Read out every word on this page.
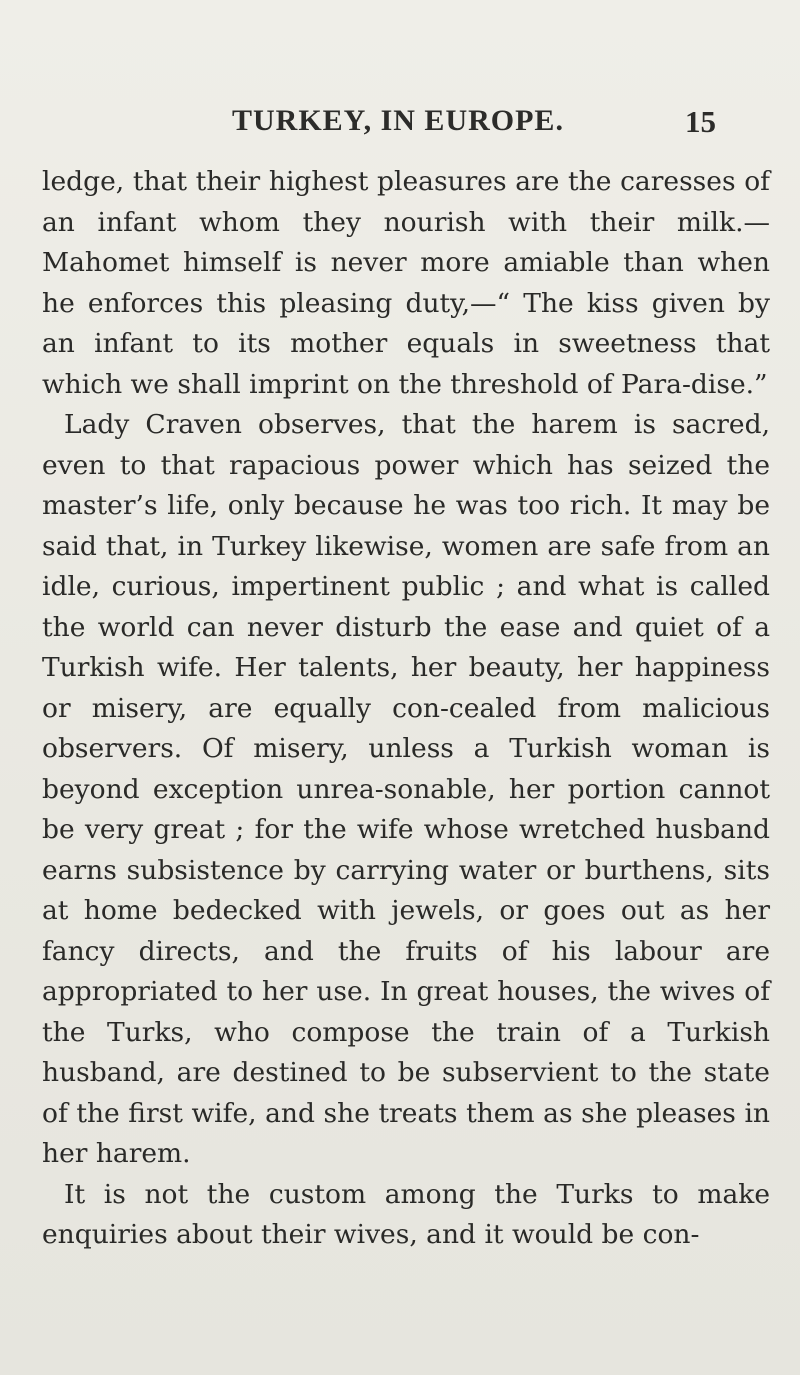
TURKEY, IN EUROPE.	15

ledge, that their highest pleasures are the caresses of an infant whom they nourish with their milk.— Mahomet himself is never more amiable than when he enforces this pleasing duty,—“ The kiss given by an infant to its mother equals in sweetness that which we shall imprint on the threshold of Para-dise.”

Lady Craven observes, that the harem is sacred, even to that rapacious power which has seized the master’s life, only because he was too rich. It may be said that, in Turkey likewise, women are safe from an idle, curious, impertinent public ; and what is called the world can never disturb the ease and quiet of a Turkish wife. Her talents, her beauty, her happiness or misery, are equally con-cealed from malicious observers. Of misery, unless a Turkish woman is beyond exception unrea-sonable, her portion cannot be very great ; for the wife whose wretched husband earns subsistence by carrying water or burthens, sits at home bedecked with jewels, or goes out as her fancy directs, and the fruits of his labour are appropriated to her use. In great houses, the wives of the Turks, who compose the train of a Turkish husband, are destined to be subservient to the state of the first wife, and she treats them as she pleases in her harem.

It is not the custom among the Turks to make enquiries about their wives, and it would be con-
